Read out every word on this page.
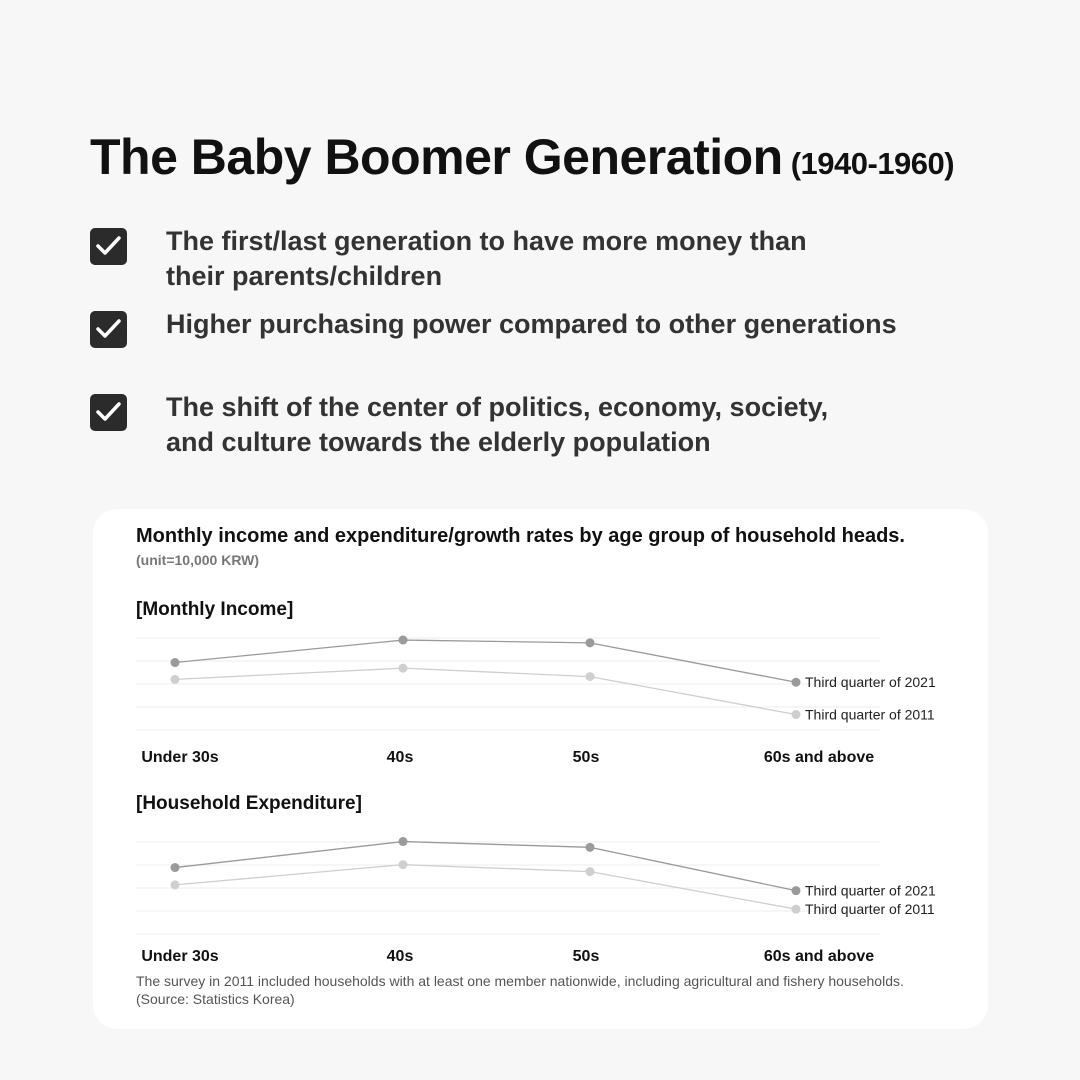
The Baby Boomer Generation (1940-1960)
The first/last generation to have more money than
their parents/children
Higher purchasing power compared to other generations
The shift of the center of politics, economy, society,
and culture towards the elderly population
Monthly income and expenditure/growth rates by age group of household heads.
(unit=10,000 KRW)
[Monthly Income]
Third quarter of 2011
Third quarter of 2021
Under 30s	40s	50s	60s and above
[Household Expenditure]
Third quarter of 2011
Third quarter of 2021
Under 30s	40s	50s	60s and above
The survey in 2011 included households with at least one member nationwide, including agricultural and fishery households.
(Source: Statistics Korea)
